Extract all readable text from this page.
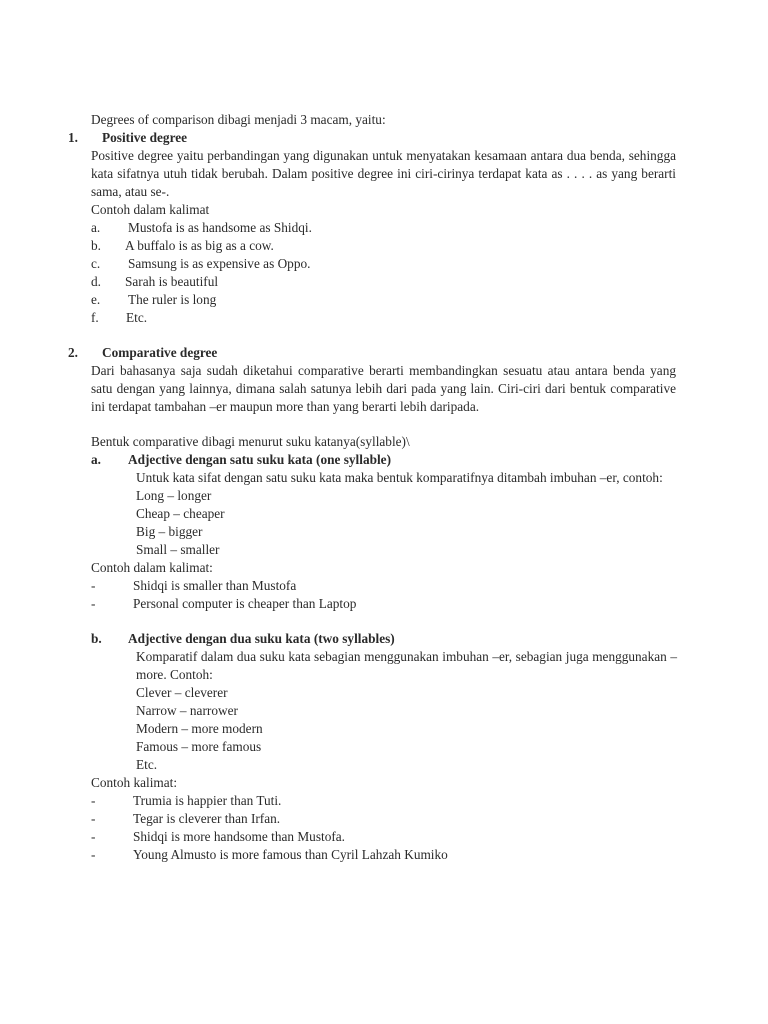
Degrees of comparison dibagi menjadi 3 macam, yaitu:
1. Positive degree

Positive degree yaitu perbandingan yang digunakan untuk menyatakan kesamaan antara dua benda, sehingga kata sifatnya utuh tidak berubah. Dalam positive degree ini ciri-cirinya terdapat kata as . . . . as yang berarti sama, atau se-.

Contoh dalam kalimat
a. Mustofa is as handsome as Shidqi.
b. A buffalo is as big as a cow.
c. Samsung is as expensive as Oppo.
d. Sarah is beautiful
e. The ruler is long
f. Etc.
2. Comparative degree

Dari bahasanya saja sudah diketahui comparative berarti membandingkan sesuatu atau antara benda yang satu dengan yang lainnya, dimana salah satunya lebih dari pada yang lain. Ciri-ciri dari bentuk comparative ini terdapat tambahan –er maupun more than yang berarti lebih daripada.

Bentuk comparative dibagi menurut suku katanya(syllable)\
a. Adjective dengan satu suku kata (one syllable)

Untuk kata sifat dengan satu suku kata maka bentuk komparatifnya ditambah imbuhan –er, contoh:

Long – longer
Cheap – cheaper
Big – bigger
Small – smaller
Contoh dalam kalimat:
-	Shidqi is smaller than Mustofa
-	Personal computer is cheaper than Laptop
b. Adjective dengan dua suku kata (two syllables)

Komparatif dalam dua suku kata sebagian menggunakan imbuhan –er, sebagian juga menggunakan –more. Contoh:

Clever – cleverer
Narrow – narrower
Modern – more modern
Famous – more famous
Etc.
Contoh kalimat:
-	Trumia is happier than Tuti.
-	Tegar is cleverer than Irfan.
-	Shidqi is more handsome than Mustofa.
-	Young Almusto is more famous than Cyril Lahzah Kumiko
